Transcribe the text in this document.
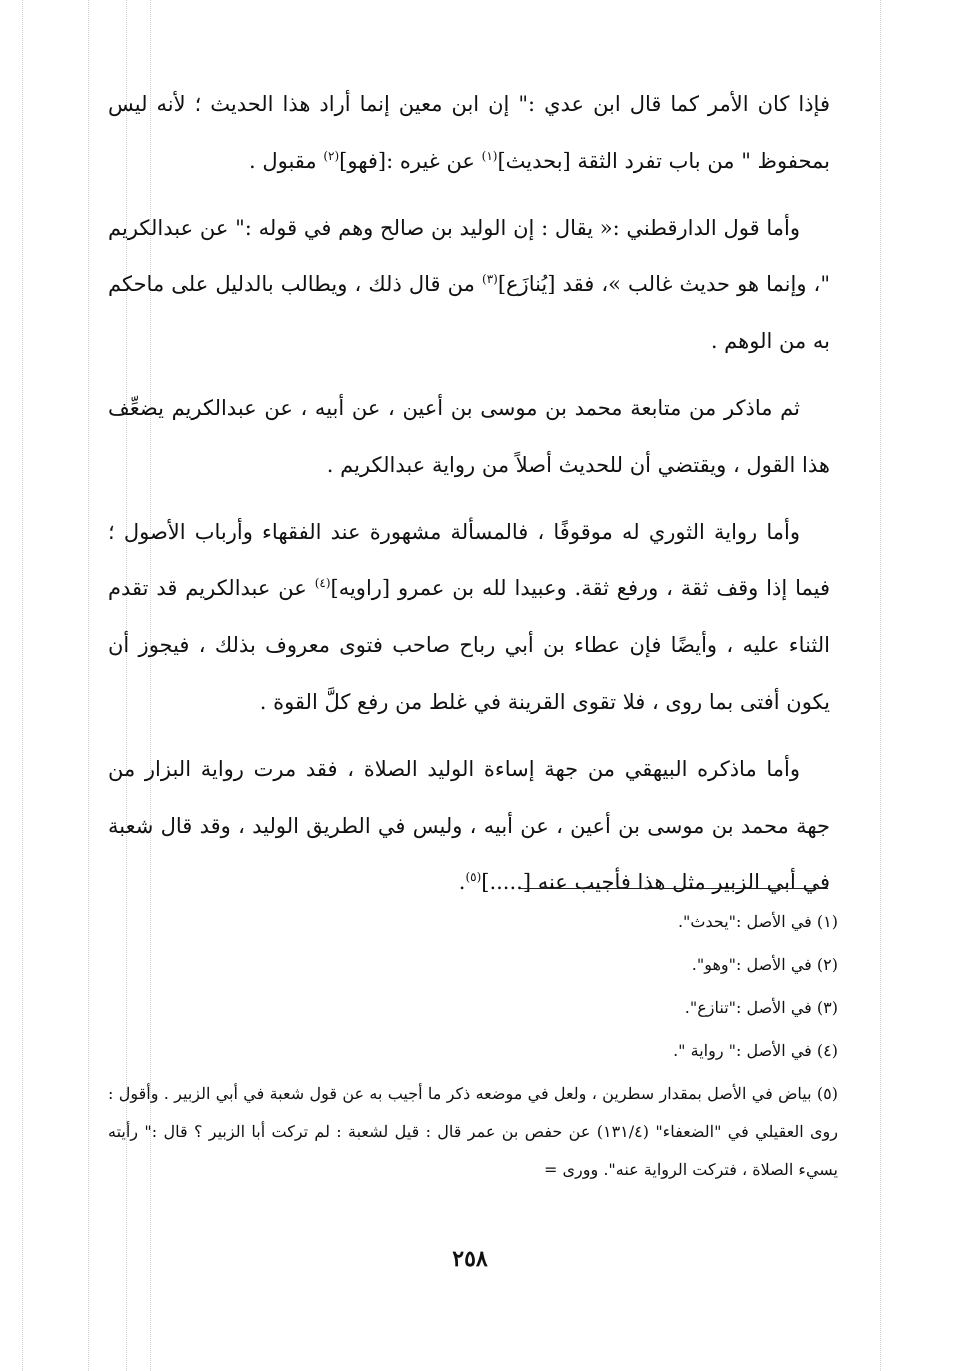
فإذا كان الأمر كما قال ابن عدي :" إن ابن معين إنما أراد هذا الحديث ؛ لأنه ليس بمحفوظ " من باب تفرد الثقة [بحديث]$^{(١)}$ عن غيره :[فهو]$^{(٢)}$ مقبول .

وأما قول الدارقطني :« يقال : إن الوليد بن صالح وهم في قوله :" عن عبدالكريم "، وإنما هو حديث غالب »، فقد [يُنازَع]$^{(٣)}$ من قال ذلك ، ويطالب بالدليل على ماحكم به من الوهم .

ثم ماذكر من متابعة محمد بن موسى بن أعين ، عن أبيه ، عن عبدالكريم يضعِّف هذا القول ، ويقتضي أن للحديث أصلاً من رواية عبدالكريم .

وأما رواية الثوري له موقوفًا ، فالمسألة مشهورة عند الفقهاء وأرباب الأصول ؛ فيما إذا وقف ثقة ، ورفع ثقة. وعبيدا لله بن عمرو [راويه]$^{(٤)}$ عن عبدالكريم قد تقدم الثناء عليه ، وأيضًا فإن عطاء بن أبي رباح صاحب فتوى معروف بذلك ، فيجوز أن يكون أفتى بما روى ، فلا تقوى القرينة في غلط من رفع كلَّ القوة .

وأما ماذكره البيهقي من جهة إساءة الوليد الصلاة ، فقد مرت رواية البزار من جهة محمد بن موسى بن أعين ، عن أبيه ، وليس في الطريق الوليد ، وقد قال شعبة في أبي الزبير مثل هذا فأجيب عنه [.....]$^{(٥)}$.

(١) في الأصل :"يحدث".

(٢) في الأصل :"وهو".

(٣) في الأصل :"تنازع".

(٤) في الأصل :" رواية ".

(٥) بياض في الأصل بمقدار سطرين ، ولعل في موضعه ذكر ما أجيب به عن قول شعبة في أبي الزبير . وأقول : روى العقيلي في "الضعفاء" (١٣١/٤) عن حفص بن عمر قال : قيل لشعبة : لم تركت أبا الزبير ؟ قال :" رأيته يسيء الصلاة ، فتركت الرواية عنه". وورى =

٢٥٨
